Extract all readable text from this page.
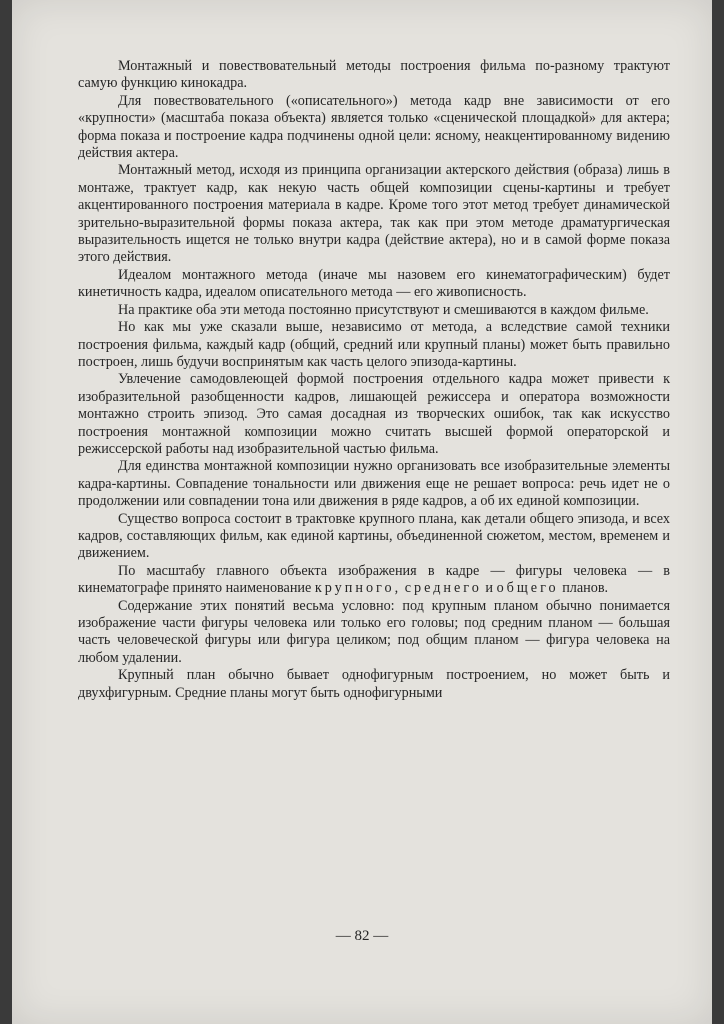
Монтажный и повествовательный методы построения фильма по-разному трактуют самую функцию кинокадра.

Для повествовательного («описательного») метода кадр вне зависимости от его «крупности» (масштаба показа объекта) является только «сценической площадкой» для актера; форма показа и построение кадра подчинены одной цели: ясному, неакцентированному видению действия актера.

Монтажный метод, исходя из принципа организации актерского действия (образа) лишь в монтаже, трактует кадр, как некую часть общей композиции сцены-картины и требует акцентированного построения материала в кадре. Кроме того этот метод требует динамической зрительно-выразительной формы показа актера, так как при этом методе драматургическая выразительность ищется не только внутри кадра (действие актера), но и в самой форме показа этого действия.

Идеалом монтажного метода (иначе мы назовем его кинематографическим) будет кинетичность кадра, идеалом описательного метода — его живописность.

На практике оба эти метода постоянно присутствуют и смешиваются в каждом фильме.

Но как мы уже сказали выше, независимо от метода, а вследствие самой техники построения фильма, каждый кадр (общий, средний или крупный планы) может быть правильно построен, лишь будучи воспринятым как часть целого эпизода-картины.

Увлечение самодовлеющей формой построения отдельного кадра может привести к изобразительной разобщенности кадров, лишающей режиссера и оператора возможности монтажно строить эпизод. Это самая досадная из творческих ошибок, так как искусство построения монтажной композиции можно считать высшей формой операторской и режиссерской работы над изобразительной частью фильма.

Для единства монтажной композиции нужно организовать все изобразительные элементы кадра-картины. Совпадение тональности или движения еще не решает вопроса: речь идет не о продолжении или совпадении тона или движения в ряде кадров, а об их единой композиции.

Существо вопроса состоит в трактовке крупного плана, как детали общего эпизода, и всех кадров, составляющих фильм, как единой картины, объединенной сюжетом, местом, временем и движением.

По масштабу главного объекта изображения в кадре — фигуры человека — в кинематографе принято наименование крупного, среднего и общего планов.

Содержание этих понятий весьма условно: под крупным планом обычно понимается изображение части фигуры человека или только его головы; под средним планом — большая часть человеческой фигуры или фигура целиком; под общим планом — фигура человека на любом удалении.

Крупный план обычно бывает однофигурным построением, но может быть и двухфигурным. Средние планы могут быть однофигурными

— 82 —
